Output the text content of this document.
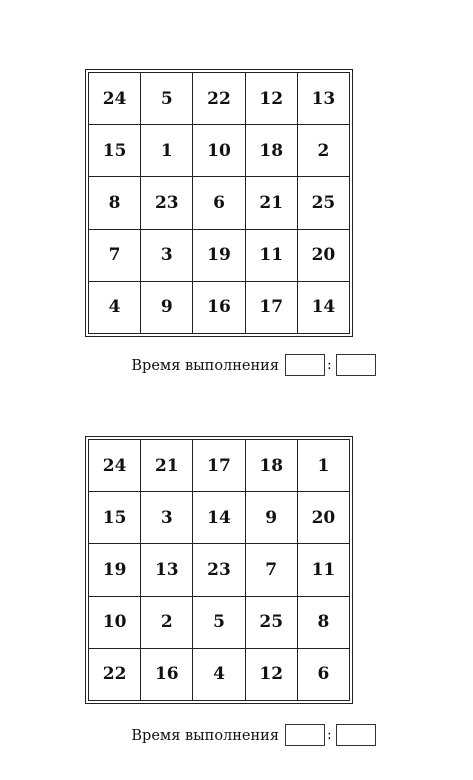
24	5	22	12	13
15	1	10	18	2
8	23	6	21	25
7	3	19	11	20
4	9	16	17	14
Время выполнения	:
24	21	17	18	1
15	3	14	9	20
19	13	23	7	11
10	2	5	25	8
22	16	4	12	6
Время выполнения	:
